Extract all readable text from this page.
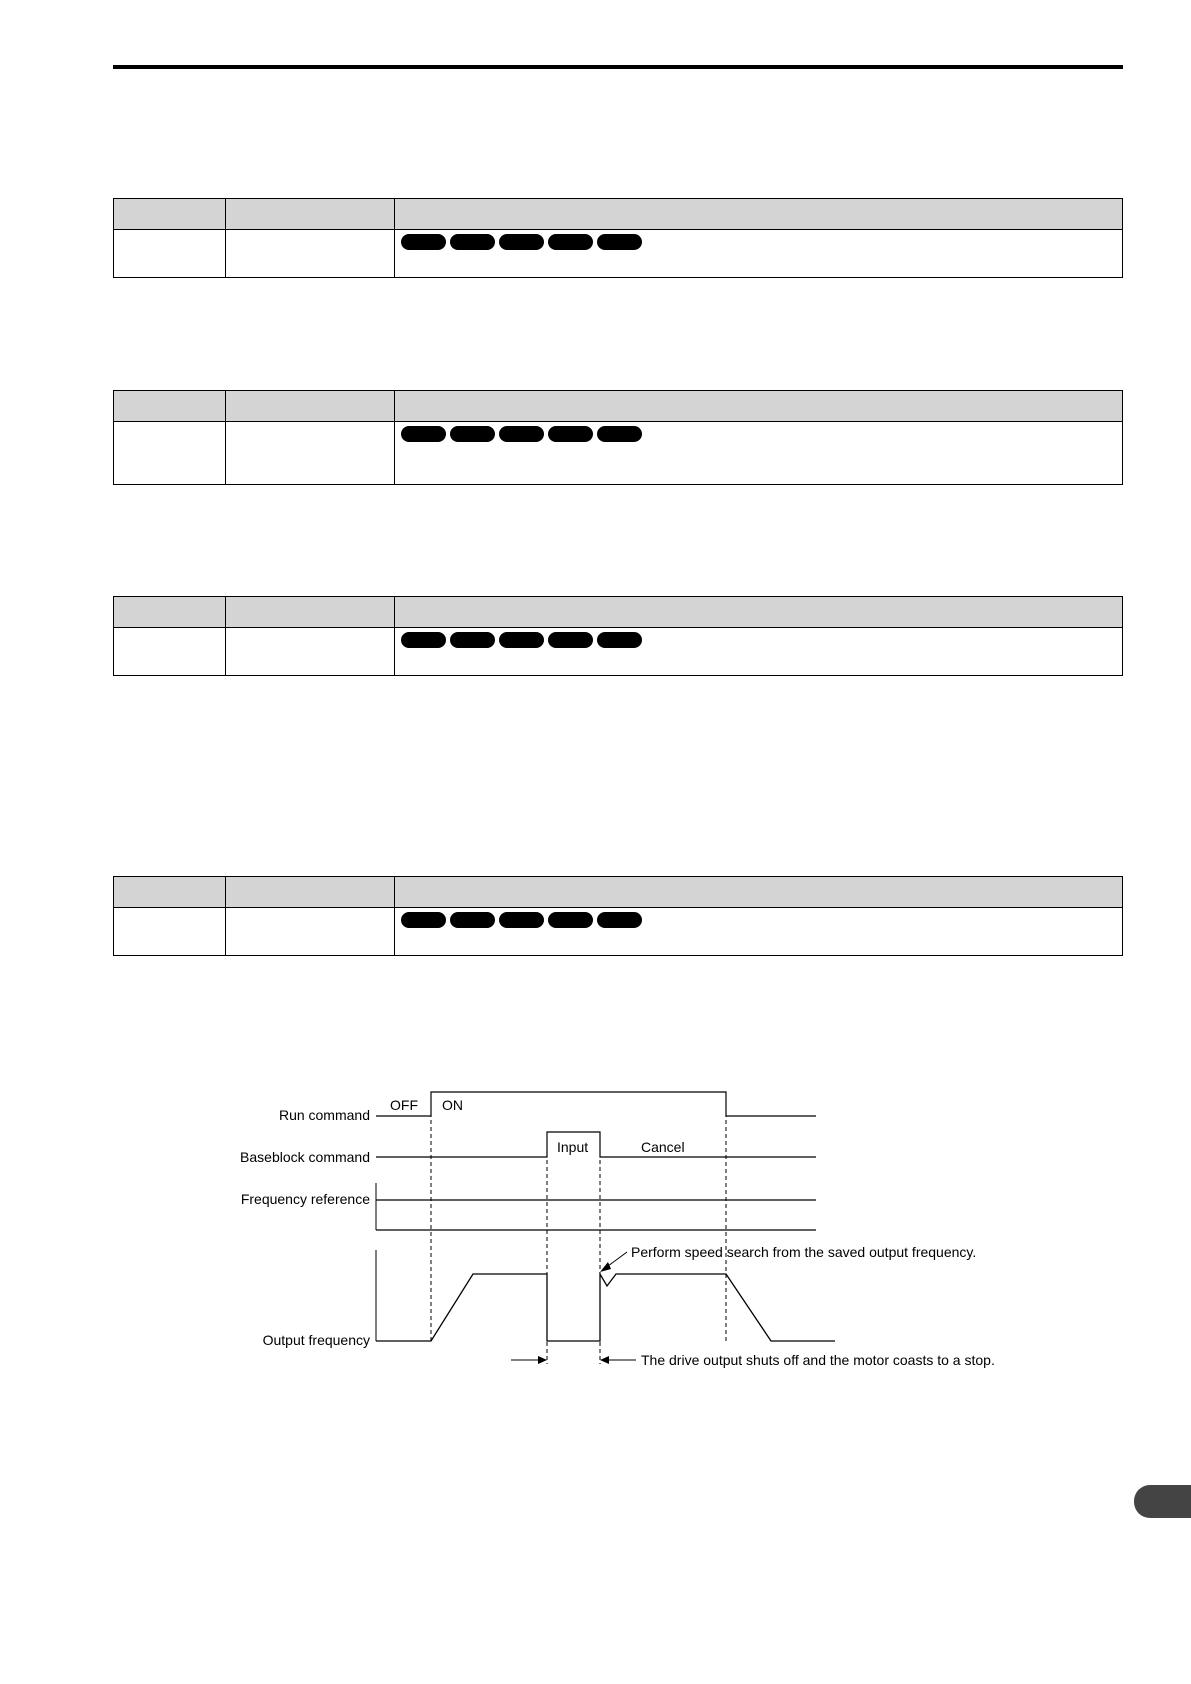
Run command
Baseblock command
Frequency reference
Output frequency
OFF ON
Input	Cancel
Perform speed search from the saved output frequency.
The drive output shuts off and the motor coasts to a stop.
